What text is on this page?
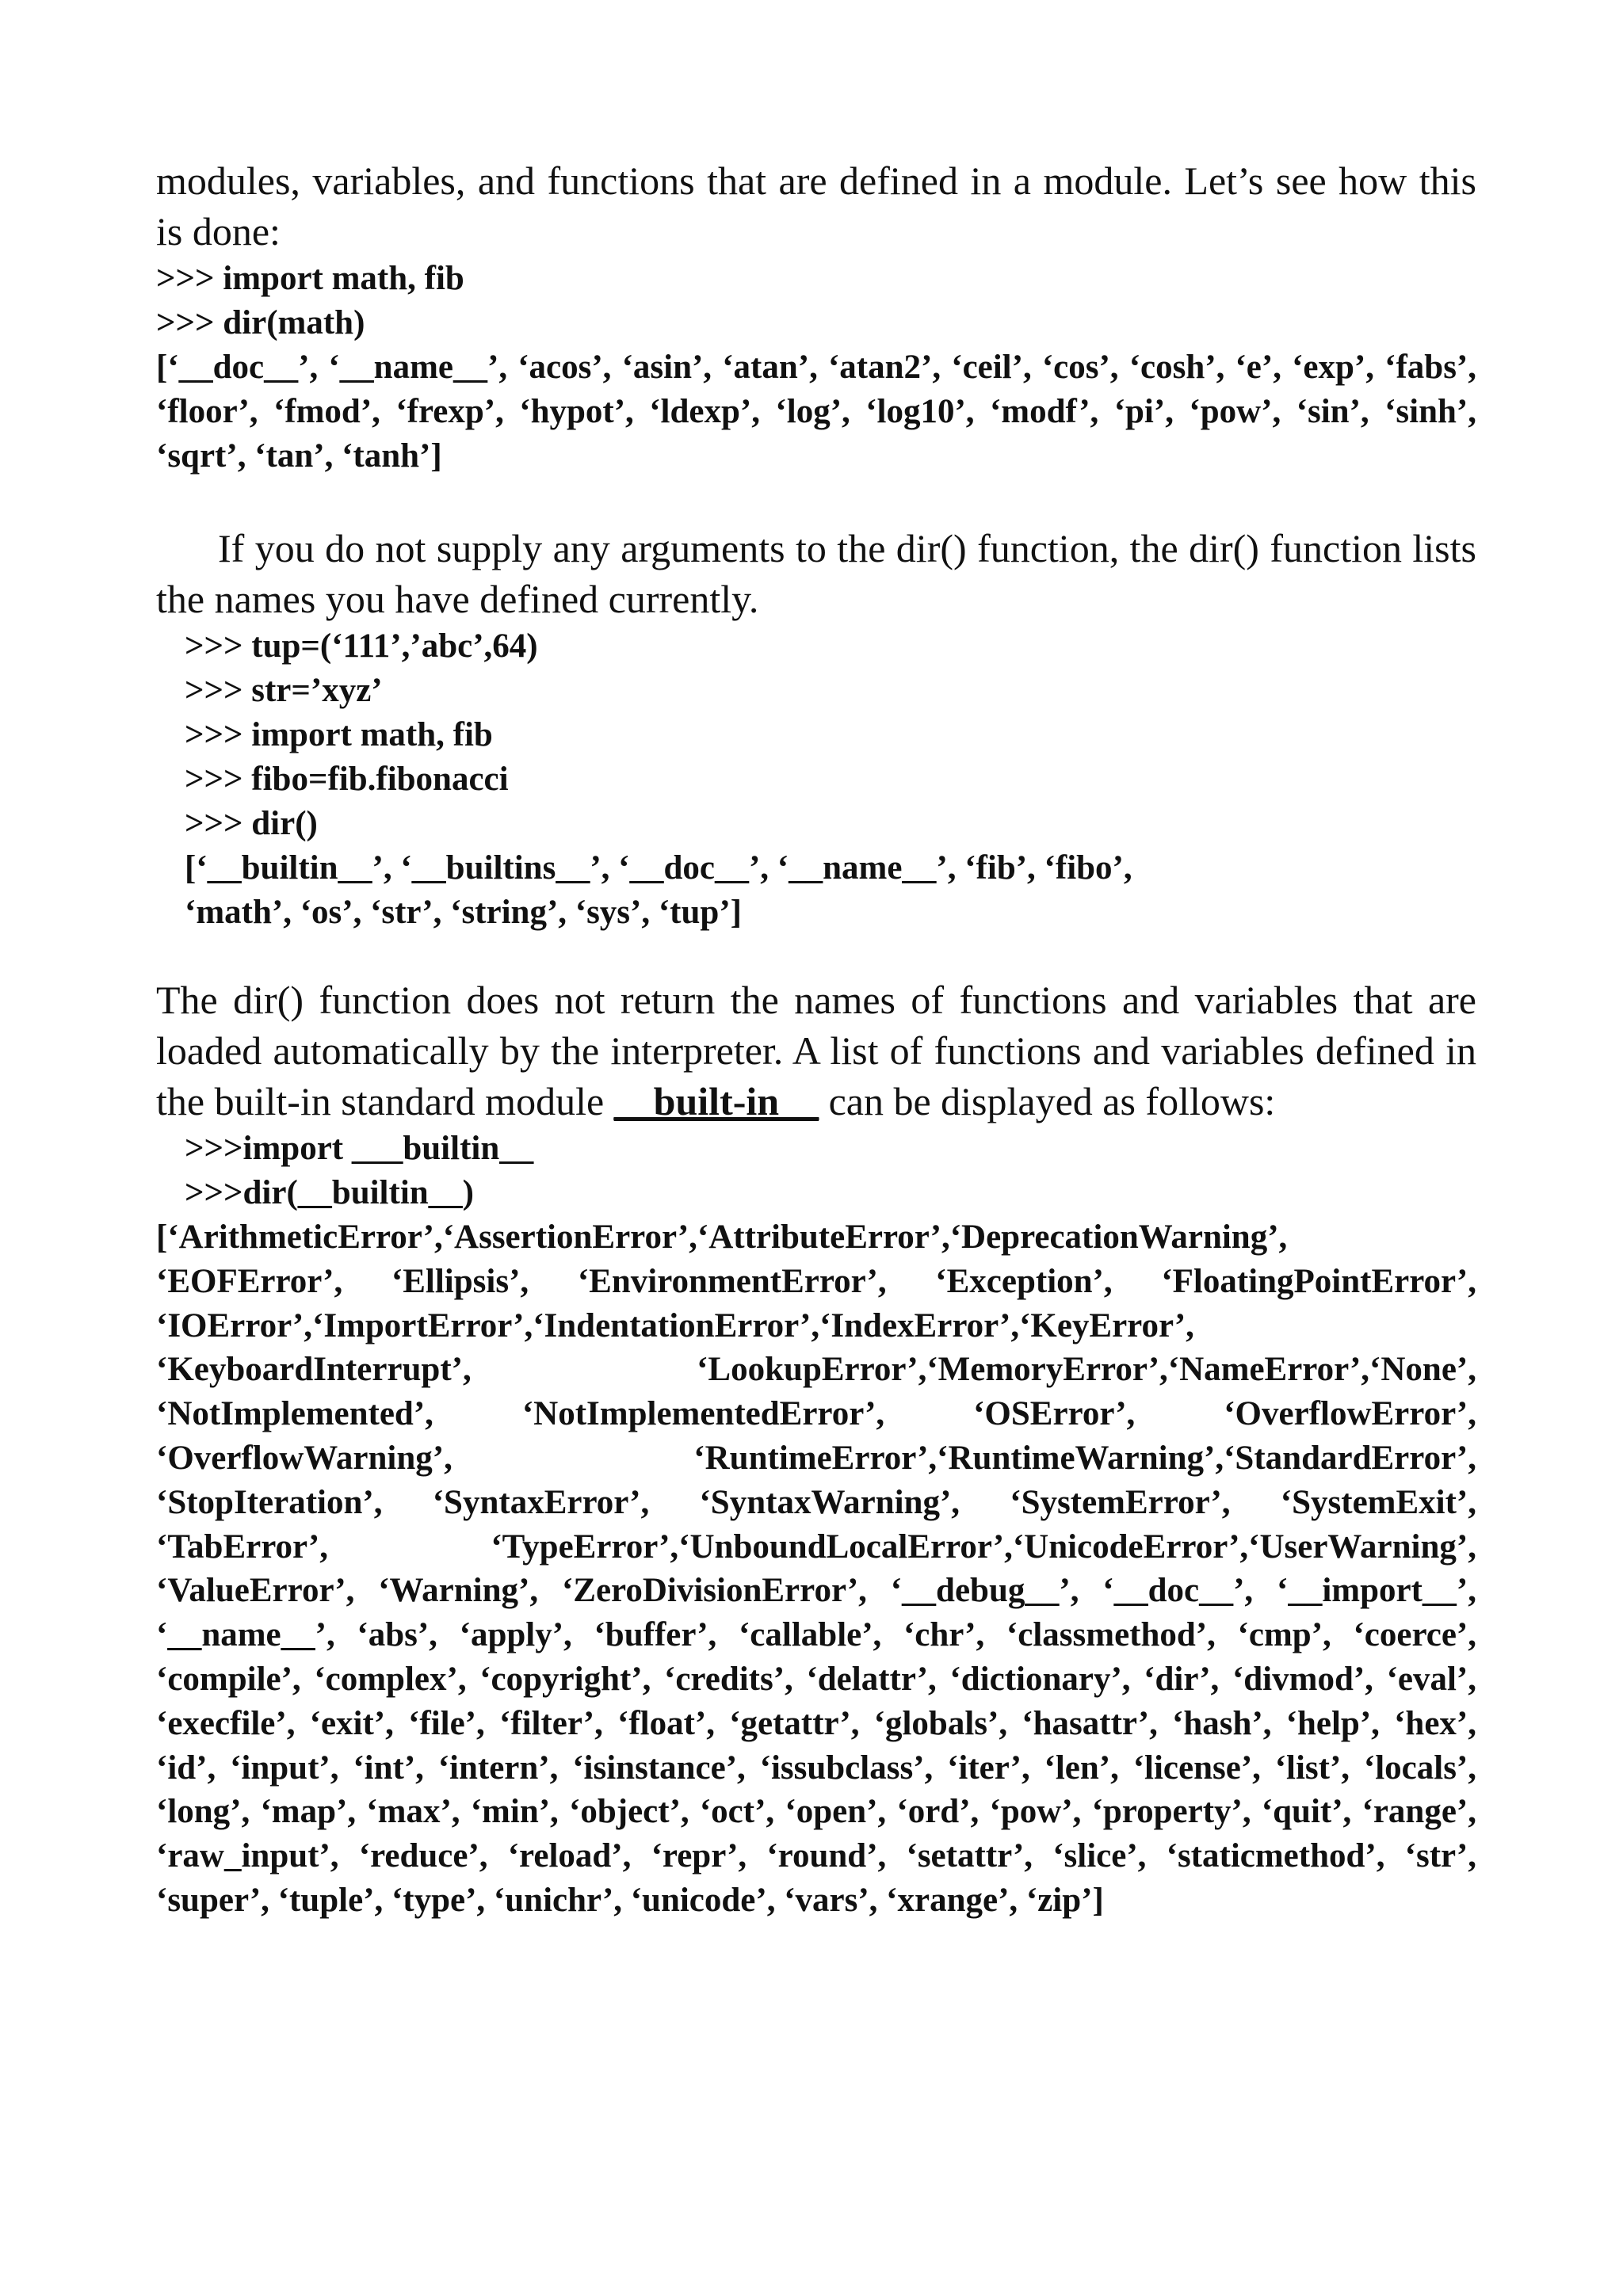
modules, variables, and functions that are defined in a module. Let’s see how this is done:

>>> import math, fib
>>> dir(math)

[‘__doc__’, ‘__name__’, ‘acos’, ‘asin’, ‘atan’, ‘atan2’, ‘ceil’, ‘cos’, ‘cosh’, ‘e’, ‘exp’, ‘fabs’, ‘floor’, ‘fmod’, ‘frexp’, ‘hypot’, ‘ldexp’, ‘log’, ‘log10’, ‘modf’, ‘pi’, ‘pow’, ‘sin’, ‘sinh’, ‘sqrt’, ‘tan’, ‘tanh’]

If you do not supply any arguments to the dir() function, the dir() function lists the names you have defined currently.

>>> tup=(‘111’,’abc’,64)
>>> str=’xyz’
>>> import math, fib
>>> fibo=fib.fibonacci
>>> dir()
[‘__builtin__’, ‘__builtins__’, ‘__doc__’, ‘__name__’, ‘fib’, ‘fibo’,
‘math’, ‘os’, ‘str’, ‘string’, ‘sys’, ‘tup’]

The dir() function does not return the names of functions and variables that are loaded automatically by the interpreter. A list of functions and variables defined in the built-in standard module __built-in__ can be displayed as follows:

>>>import ___builtin__
>>>dir(__builtin__)

[‘ArithmeticError’,‘AssertionError’,‘AttributeError’,‘DeprecationWarning’, ‘EOFError’, ‘Ellipsis’, ‘EnvironmentError’, ‘Exception’, ‘FloatingPointError’, ‘IOError’,‘ImportError’,‘IndentationError’,‘IndexError’,‘KeyError’, ‘KeyboardInterrupt’, ‘LookupError’,‘MemoryError’,‘NameError’,‘None’, ‘NotImplemented’, ‘NotImplementedError’, ‘OSError’, ‘OverflowError’, ‘OverflowWarning’, ‘RuntimeError’,‘RuntimeWarning’,‘StandardError’, ‘StopIteration’, ‘SyntaxError’, ‘SyntaxWarning’, ‘SystemError’, ‘SystemExit’, ‘TabError’, ‘TypeError’,‘UnboundLocalError’,‘UnicodeError’,‘UserWarning’, ‘ValueError’, ‘Warning’, ‘ZeroDivisionError’, ‘__debug__’, ‘__doc__’, ‘__import__’, ‘__name__’, ‘abs’, ‘apply’, ‘buffer’, ‘callable’, ‘chr’, ‘classmethod’, ‘cmp’, ‘coerce’, ‘compile’, ‘complex’, ‘copyright’, ‘credits’, ‘delattr’, ‘dictionary’, ‘dir’, ‘divmod’, ‘eval’, ‘execfile’, ‘exit’, ‘file’, ‘filter’, ‘float’, ‘getattr’, ‘globals’, ‘hasattr’, ‘hash’, ‘help’, ‘hex’, ‘id’, ‘input’, ‘int’, ‘intern’, ‘isinstance’, ‘issubclass’, ‘iter’, ‘len’, ‘license’, ‘list’, ‘locals’, ‘long’, ‘map’, ‘max’, ‘min’, ‘object’, ‘oct’, ‘open’, ‘ord’, ‘pow’, ‘property’, ‘quit’, ‘range’, ‘raw_input’, ‘reduce’, ‘reload’, ‘repr’, ‘round’, ‘setattr’, ‘slice’, ‘staticmethod’, ‘str’, ‘super’, ‘tuple’, ‘type’, ‘unichr’, ‘unicode’, ‘vars’, ‘xrange’, ‘zip’]
